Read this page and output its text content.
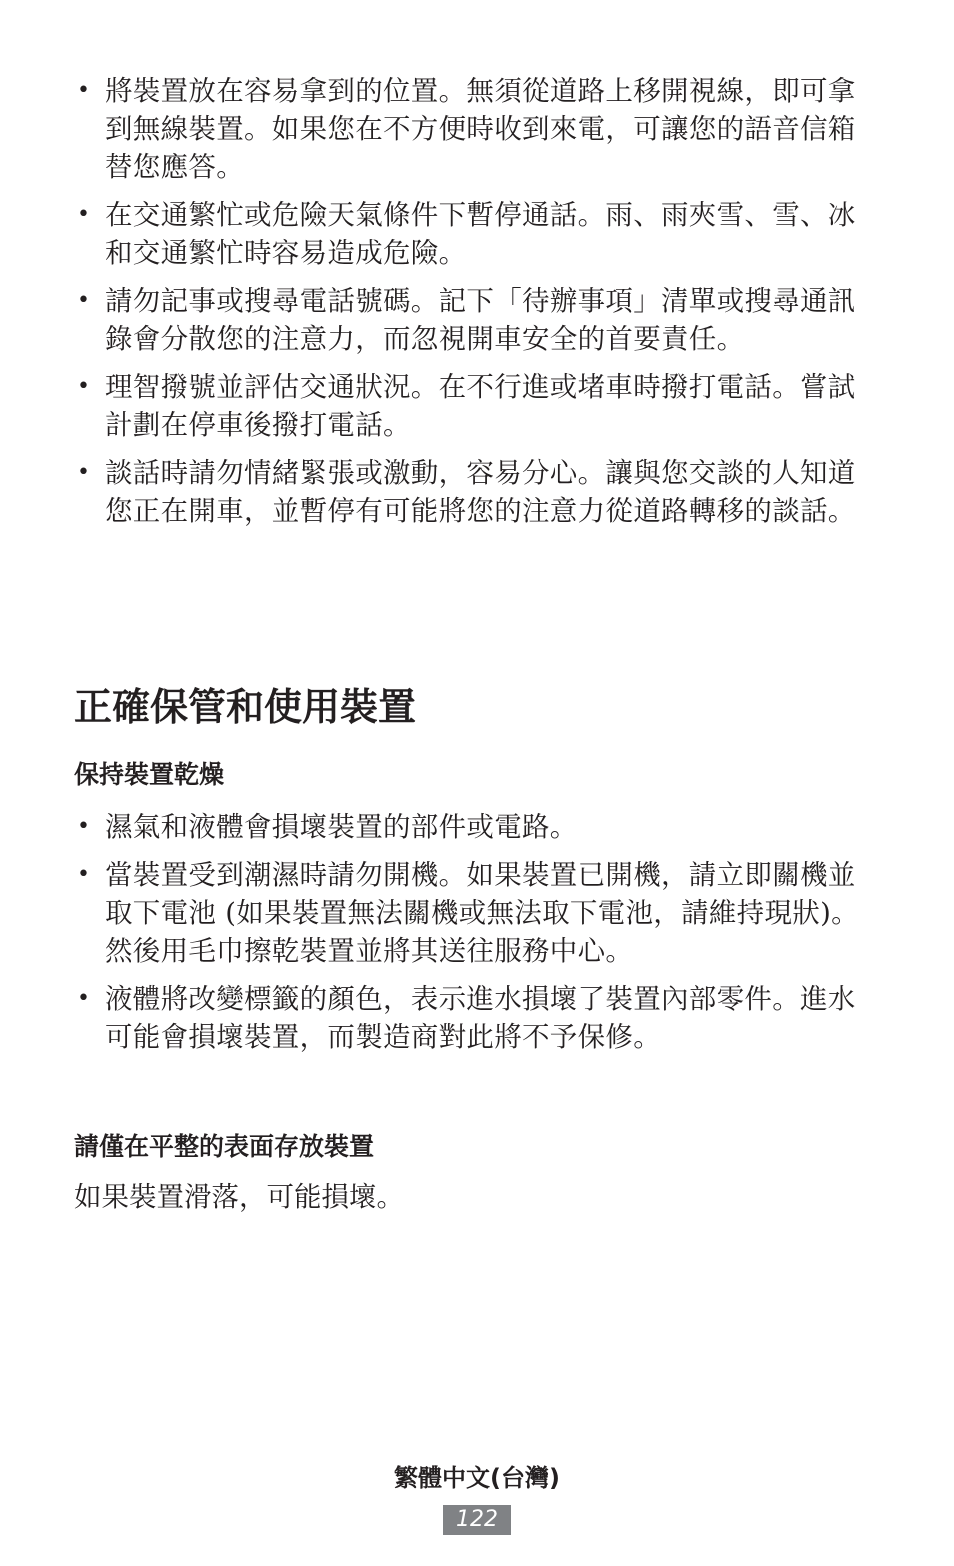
• 將裝置放在容易拿到的位置。無須從道路上移開視線，即可拿到無線裝置。如果您在不方便時收到來電，可讓您的語音信箱替您應答。
• 在交通繁忙或危險天氣條件下暫停通話。雨、雨夾雪、雪、冰和交通繁忙時容易造成危險。
• 請勿記事或搜尋電話號碼。記下「待辦事項」清單或搜尋通訊錄會分散您的注意力，而忽視開車安全的首要責任。
• 理智撥號並評估交通狀況。在不行進或堵車時撥打電話。嘗試計劃在停車後撥打電話。
• 談話時請勿情緒緊張或激動，容易分心。讓與您交談的人知道您正在開車，並暫停有可能將您的注意力從道路轉移的談話。
正確保管和使用裝置
保持裝置乾燥
• 濕氣和液體會損壞裝置的部件或電路。
• 當裝置受到潮濕時請勿開機。如果裝置已開機，請立即關機並取下電池 (如果裝置無法關機或無法取下電池，請維持現狀)。然後用毛巾擦乾裝置並將其送往服務中心。
• 液體將改變標籤的顏色，表示進水損壞了裝置內部零件。進水可能會損壞裝置，而製造商對此將不予保修。
請僅在平整的表面存放裝置

如果裝置滑落，可能損壞。

繁體中文(台灣)
122
